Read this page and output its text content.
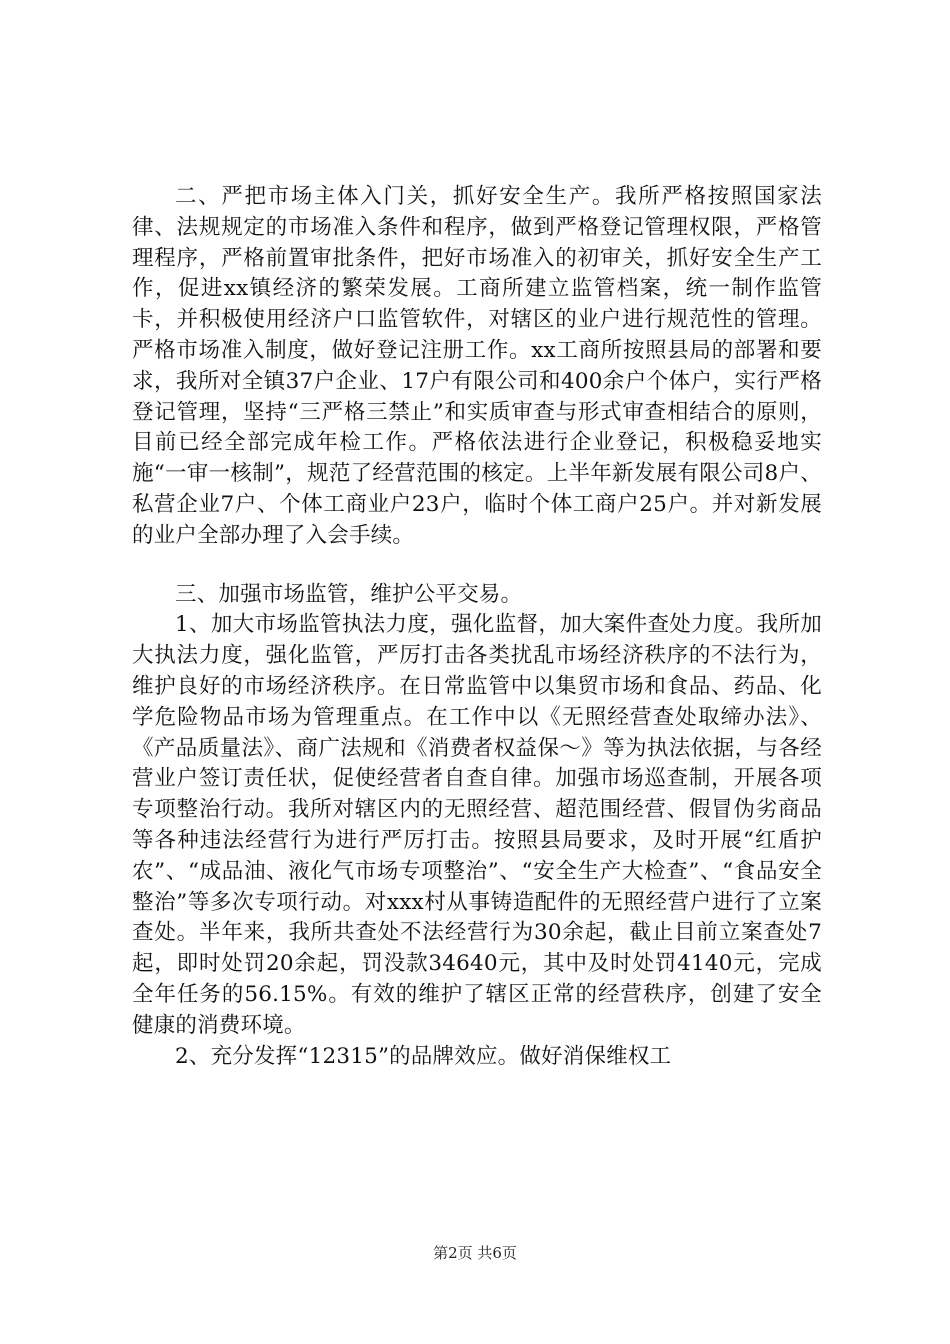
二、严把市场主体入门关，抓好安全生产。我所严格按照国家法律、法规规定的市场准入条件和程序，做到严格登记管理权限，严格管理程序，严格前置审批条件，把好市场准入的初审关，抓好安全生产工作，促进xx镇经济的繁荣发展。工商所建立监管档案，统一制作监管卡，并积极使用经济户口监管软件，对辖区的业户进行规范性的管理。严格市场准入制度，做好登记注册工作。xx工商所按照县局的部署和要求，我所对全镇37户企业、17户有限公司和400余户个体户，实行严格登记管理，坚持“三严格三禁止”和实质审查与形式审查相结合的原则，目前已经全部完成年检工作。严格依法进行企业登记，积极稳妥地实施“一审一核制”，规范了经营范围的核定。上半年新发展有限公司8户、私营企业7户、个体工商业户23户，临时个体工商户25户。并对新发展的业户全部办理了入会手续。

三、加强市场监管，维护公平交易。

1、加大市场监管执法力度，强化监督，加大案件查处力度。我所加大执法力度，强化监管，严厉打击各类扰乱市场经济秩序的不法行为，维护良好的市场经济秩序。在日常监管中以集贸市场和食品、药品、化学危险物品市场为管理重点。在工作中以《无照经营查处取缔办法》、《产品质量法》、商广法规和《消费者权益保～》等为执法依据，与各经营业户签订责任状，促使经营者自查自律。加强市场巡查制，开展各项专项整治行动。我所对辖区内的无照经营、超范围经营、假冒伪劣商品等各种违法经营行为进行严厉打击。按照县局要求，及时开展“红盾护农”、“成品油、液化气市场专项整治”、“安全生产大检查”、“食品安全整治”等多次专项行动。对xxx村从事铸造配件的无照经营户进行了立案查处。半年来，我所共查处不法经营行为30余起，截止目前立案查处7起，即时处罚20余起，罚没款34640元，其中及时处罚4140元，完成全年任务的56.15%。有效的维护了辖区正常的经营秩序，创建了安全健康的消费环境。

2、充分发挥“12315”的品牌效应。做好消保维权工

第2页 共6页
